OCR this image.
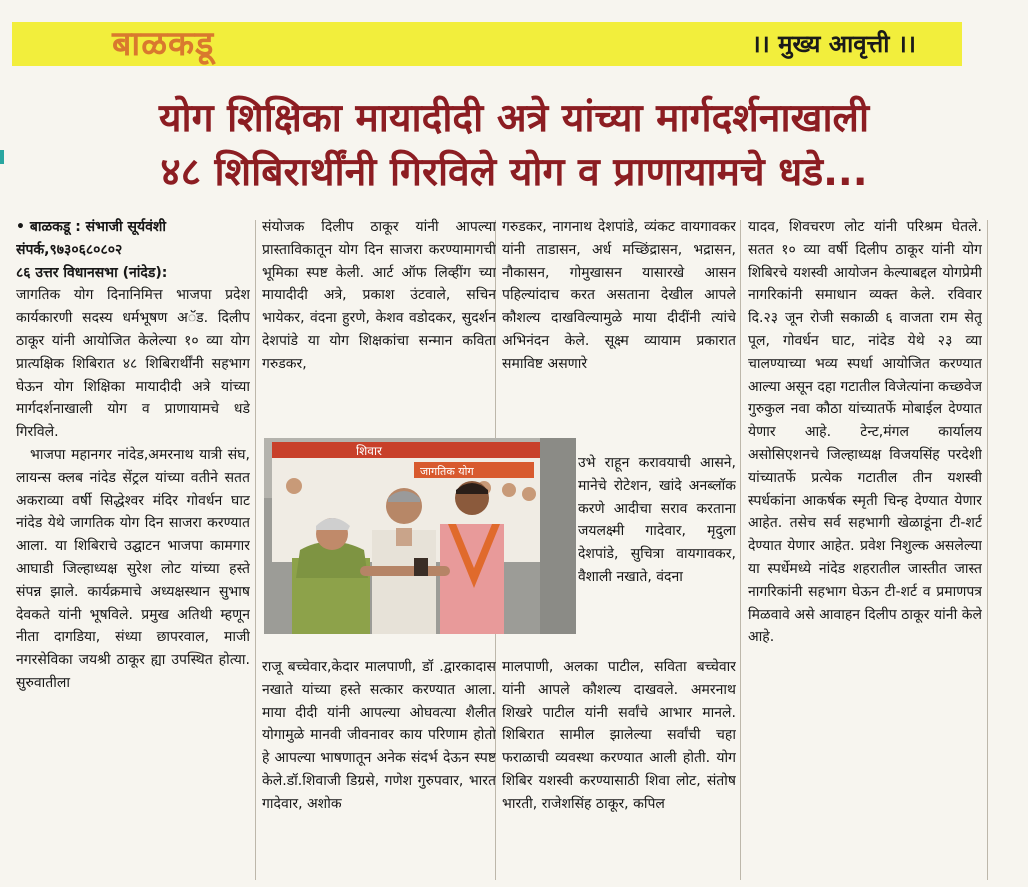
बाळकडू	।। मुख्य आवृत्ती ।।
योग शिक्षिका मायादीदी अत्रे यांच्या मार्गदर्शनाखाली
४८ शिबिरार्थींनी गिरविले योग व प्राणायामचे धडे...

• बाळकडू : संभाजी सूर्यवंशी

संपर्क,९७३०६८०८०२

८६ उत्तर विधानसभा (नांदेड):

जागतिक योग दिनानिमित्त भाजपा प्रदेश कार्यकारणी सदस्य धर्मभूषण अॅड. दिलीप ठाकूर यांनी आयोजित केलेल्या १० व्या योग प्रात्यक्षिक शिबिरात ४८ शिबिरार्थींनी सहभाग घेऊन योग शिक्षिका मायादीदी अत्रे यांच्या मार्गदर्शनाखाली योग व प्राणायामचे धडे गिरविले.

भाजपा महानगर नांदेड,अमरनाथ यात्री संघ, लायन्स क्लब नांदेड सेंट्रल यांच्या वतीने सतत अकराव्या वर्षी सिद्धेश्वर मंदिर गोवर्धन घाट नांदेड येथे जागतिक योग दिन साजरा करण्यात आला. या शिबिराचे उद्घाटन भाजपा कामगार आघाडी जिल्हाध्यक्ष सुरेश लोट यांच्या हस्ते संपन्न झाले. कार्यक्रमाचे अध्यक्षस्थान सुभाष देवकते यांनी भूषविले. प्रमुख अतिथी म्हणून नीता दागडिया, संध्या छापरवाल, माजी नगरसेविका जयश्री ठाकूर ह्या उपस्थित होत्या. सुरुवातीला

संयोजक दिलीप ठाकूर यांनी आपल्या प्रास्ताविकातून योग दिन साजरा करण्यामागची भूमिका स्पष्ट केली. आर्ट ऑफ लिव्हींग च्या मायादीदी अत्रे, प्रकाश उंटवाले, सचिन भायेकर, वंदना हुरणे, केशव वडोदकर, सुदर्शन देशपांडे या योग शिक्षकांचा सन्मान कविता गरुडकर,

गरुडकर, नागनाथ देशपांडे, व्यंकट वायगावकर यांनी ताडासन, अर्ध मच्छिंद्रासन, भद्रासन, नौकासन, गोमुखासन यासारखे आसन पहिल्यांदाच करत असताना देखील आपले कौशल्य दाखविल्यामुळे माया दीदींनी त्यांचे अभिनंदन केले. सूक्ष्म व्यायाम प्रकारात समाविष्ट असणारे

शिवार
जागतिक योग

उभे राहून करावयाची आसने, मानेचे रोटेशन, खांदे अनब्लॉक करणे आदीचा सराव करताना जयलक्ष्मी गादेवार, मृदुला देशपांडे, सुचित्रा वायगावकर, वैशाली नखाते, वंदना

राजू बच्चेवार,केदार मालपाणी, डॉ .द्वारकादास नखाते यांच्या हस्ते सत्कार करण्यात आला. माया दीदी यांनी आपल्या ओघवत्या शैलीत योगामुळे मानवी जीवनावर काय परिणाम होतो हे आपल्या भाषणातून अनेक संदर्भ देऊन स्पष्ट केले.डॉ.शिवाजी डिग्रसे, गणेश गुरुपवार, भारत गादेवार, अशोक

मालपाणी, अलका पाटील, सविता बच्चेवार यांनी आपले कौशल्य दाखवले. अमरनाथ शिखरे पाटील यांनी सर्वांचे आभार मानले. शिबिरात सामील झालेल्या सर्वांची चहा फराळाची व्यवस्था करण्यात आली होती. योग शिबिर यशस्वी करण्यासाठी शिवा लोट, संतोष भारती, राजेशसिंह ठाकूर, कपिल

यादव, शिवचरण लोट यांनी परिश्रम घेतले. सतत १० व्या वर्षी दिलीप ठाकूर यांनी योग शिबिरचे यशस्वी आयोजन केल्याबद्दल योगप्रेमी नागरिकांनी समाधान व्यक्त केले. रविवार दि.२३ जून रोजी सकाळी ६ वाजता राम सेतू पूल, गोवर्धन घाट, नांदेड येथे २३ व्या चालण्याच्या भव्य स्पर्धा आयोजित करण्यात आल्या असून दहा गटातील विजेत्यांना कच्छवेज गुरुकुल नवा कौठा यांच्यातर्फे मोबाईल देण्यात येणार आहे. टेन्ट,मंगल कार्यालय असोसिएशनचे जिल्हाध्यक्ष विजयसिंह परदेशी यांच्यातर्फे प्रत्येक गटातील तीन यशस्वी स्पर्धकांना आकर्षक स्मृती चिन्ह देण्यात येणार आहेत. तसेच सर्व सहभागी खेळाडूंना टी-शर्ट देण्यात येणार आहेत. प्रवेश निशुल्क असलेल्या या स्पर्धेमध्ये नांदेड शहरातील जास्तीत जास्त नागरिकांनी सहभाग घेऊन टी-शर्ट व प्रमाणपत्र मिळवावे असे आवाहन दिलीप ठाकूर यांनी केले आहे.
